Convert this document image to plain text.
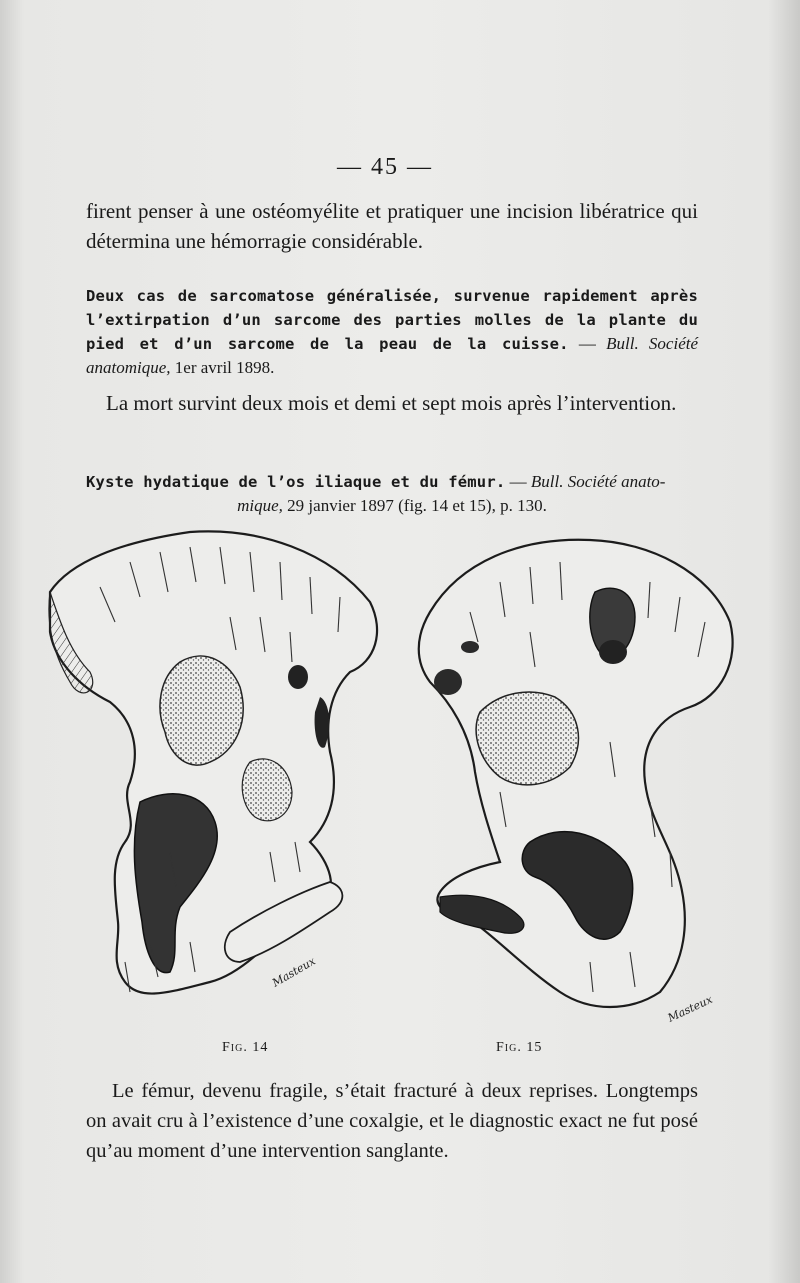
— 45 —
firent penser à une ostéomyélite et pratiquer une incision libératrice qui détermina une hémorragie considérable.
Deux cas de sarcomatose généralisée, survenue rapidement après l’extirpation d’un sarcome des parties molles de la plante du pied et d’un sarcome de la peau de la cuisse. — Bull. Société anatomique, 1er avril 1898.
La mort survint deux mois et demi et sept mois après l’intervention.
Kyste hydatique de l’os iliaque et du fémur. — Bull. Société anato-
mique, 29 janvier 1897 (fig. 14 et 15), p. 130.
Masteux
Masteux
Fig. 14	Fig. 15
Le fémur, devenu fragile, s’était fracturé à deux reprises. Longtemps on avait cru à l’existence d’une coxalgie, et le diagnostic exact ne fut posé qu’au moment d’une intervention sanglante.
